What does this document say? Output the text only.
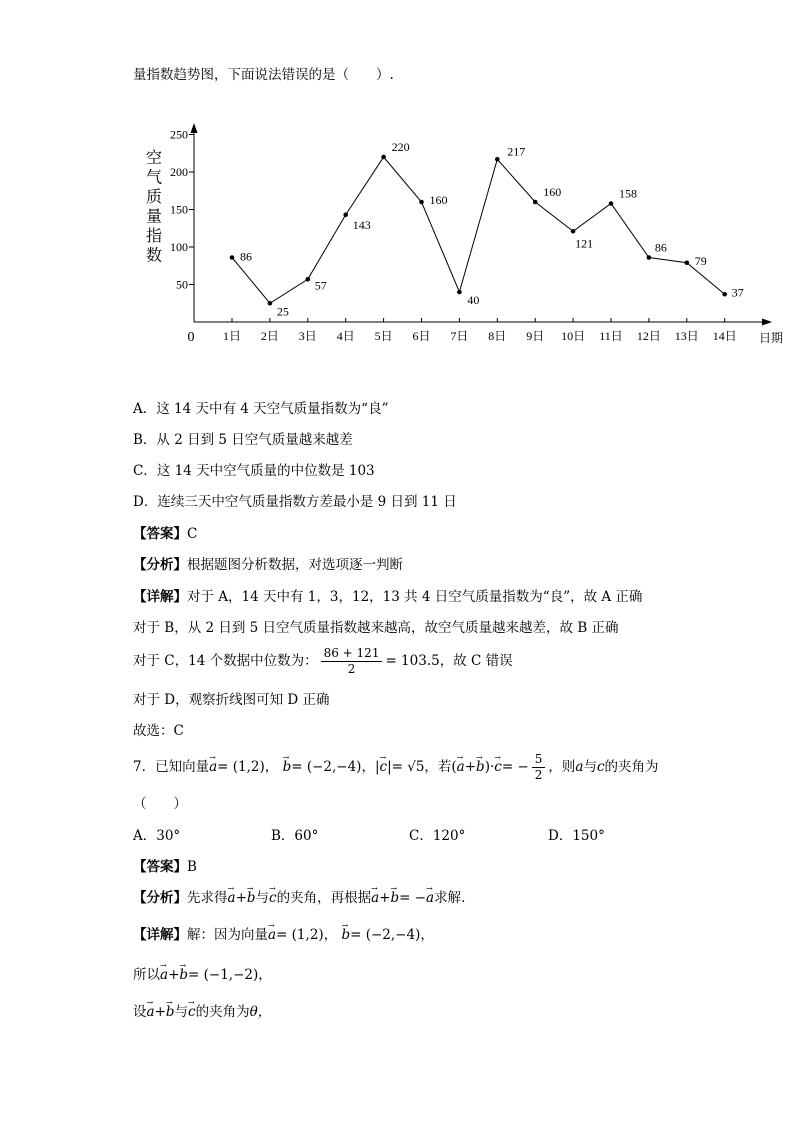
量指数趋势图，下面说法错误的是（　　）.
空
气
质
量
指
数
0	日期
50
100
150
200
250
1日 2日 3日 4日 5日 6日 7日 8日 9日 10日 11日 12日 13日 14日
86
25
57
143
220
160
40
217
160
121
158
86
79
37
A．这 14 天中有 4 天空气质量指数为“良”
B．从 2 日到 5 日空气质量越来越差
C．这 14 天中空气质量的中位数是 103
D．连续三天中空气质量指数方差最小是 9 日到 11 日
【答案】C
【分析】根据题图分析数据，对选项逐一判断
【详解】对于 A，14 天中有 1，3，12，13 共 4 日空气质量指数为“良”，故 A 正确
对于 B，从 2 日到 5 日空气质量指数越来越高，故空气质量越来越差，故 B 正确
对于 C，14 个数据中位数为： $\frac{86 + 121}{2} = 103.5$，故 C 错误
对于 D，观察折线图可知 D 正确
故选：C
7．已知向量→ a= (1,2)， → b= (−2,−4)，|→ c|= √5，若(→ $a+\to b)\cdot\to c= - \frac{5}{2}$ ，则a与c的夹角为
（　　）
A．30°	B．60°	C．120°	D．150°
【答案】B
【分析】先求得→ a+→ b与→ c的夹角，再根据→ a+→ b= −→ a求解.
【详解】解：因为向量→ a= (1,2)， → b= (−2,−4)，
所以→ a+→ b= (−1,−2)，
设→ a+→ b与→ c的夹角为θ，
